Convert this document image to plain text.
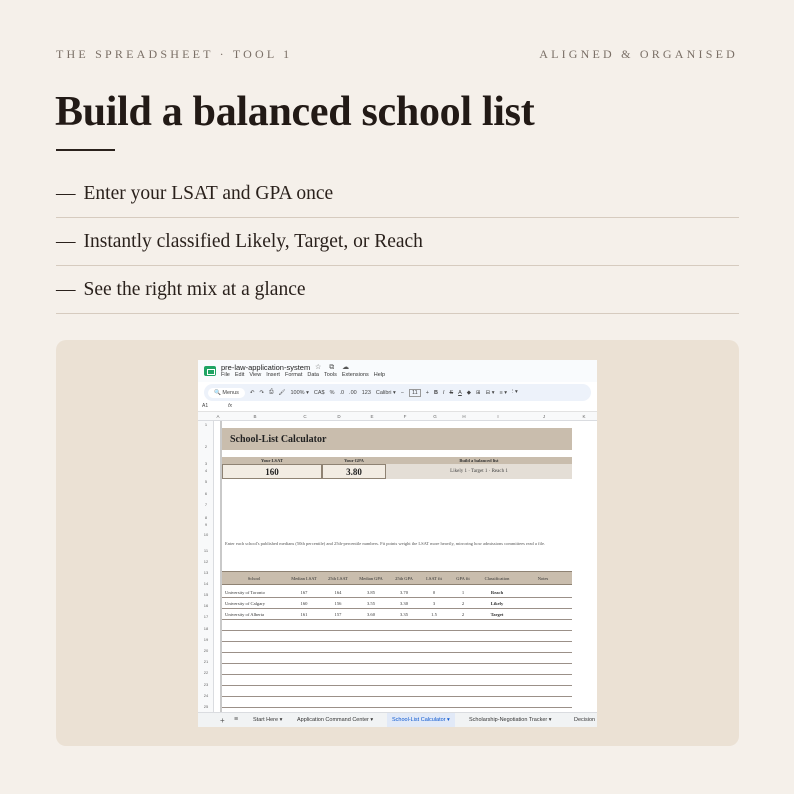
THE SPREADSHEET · TOOL 1	ALIGNED & ORGANISED
Build a balanced school list
— Enter your LSAT and GPA once
— Instantly classified Likely, Target, or Reach
— See the right mix at a glance
pre-law-application-system ☆ ⧉ ☁
File Edit View Insert Format Data Tools Extensions Help
🔍 Menus	↶ ↷ ⎙ 🖌 100% ▾ CA$ % .0 .00 123 Calibri ▾ −	11	+ B I S A ◆ ⊞ ⊟ ▾ ≡ ▾ ⫶ ▾
A1	fx
A	B	C	D	E	F	G	H	I	J	K
1
2
3
4
5
6
7
8
9
10
11
12
13
14
15
16
17
18
19
20
21
22
23
24
25
School-List Calculator
Your LSAT	Your GPA	Build a balanced list
160	3.80	Likely 1 · Target 1 · Reach 1
Enter each school's published medians (50th percentile) and 25th-percentile numbers. Fit points weight the LSAT more heavily, mirroring how admissions committees read a file.
School	Median LSAT 25th LSAT	Median GPA	25th GPA	LSAT fit	GPA fit	Classification	Notes
University of Toronto	167	164	3.85	3.70	0	1	Reach
University of Calgary	160	156	3.55	3.30	3	2	Likely
University of Alberta	161	157	3.60	3.35	1.5	2	Target
+ ≡	Start Here ▾	Application Command Center ▾	School-List Calculator ▾	Scholarship-Negotiation Tracker ▾	Decision
